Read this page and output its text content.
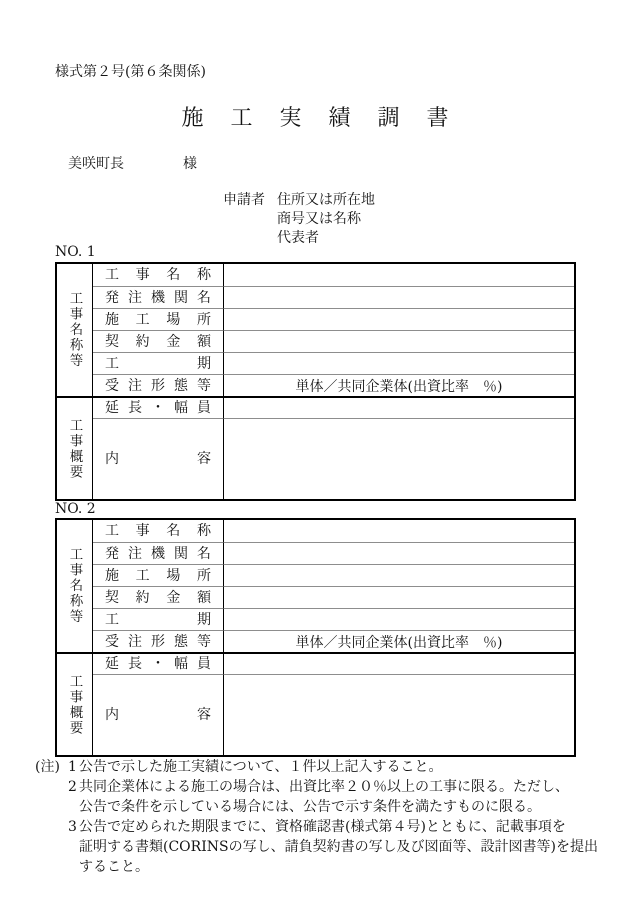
様式第２号(第６条関係)
施工実績調書
美咲町長	様
申請者 住所又は所在地
商号又は名称
代表者
NO. 1
工事名称等
工事名称
発注機関名
施工場所
契約金額
工期
受注形態等	単体／共同企業体(出資比率　％)
工事概要
延長・幅員
内容
NO. 2
工事名称等
工事名称
発注機関名
施工場所
契約金額
工期
受注形態等	単体／共同企業体(出資比率　％)
工事概要
延長・幅員
内容
(注) 1 公告で示した施工実績について、１件以上記入すること。
2 共同企業体による施工の場合は、出資比率２０％以上の工事に限る。ただし、
公告で条件を示している場合には、公告で示す条件を満たすものに限る。
3 公告で定められた期限までに、資格確認書(様式第４号)とともに、記載事項を
証明する書類(CORINSの写し、請負契約書の写し及び図面等、設計図書等)を提出
すること。
